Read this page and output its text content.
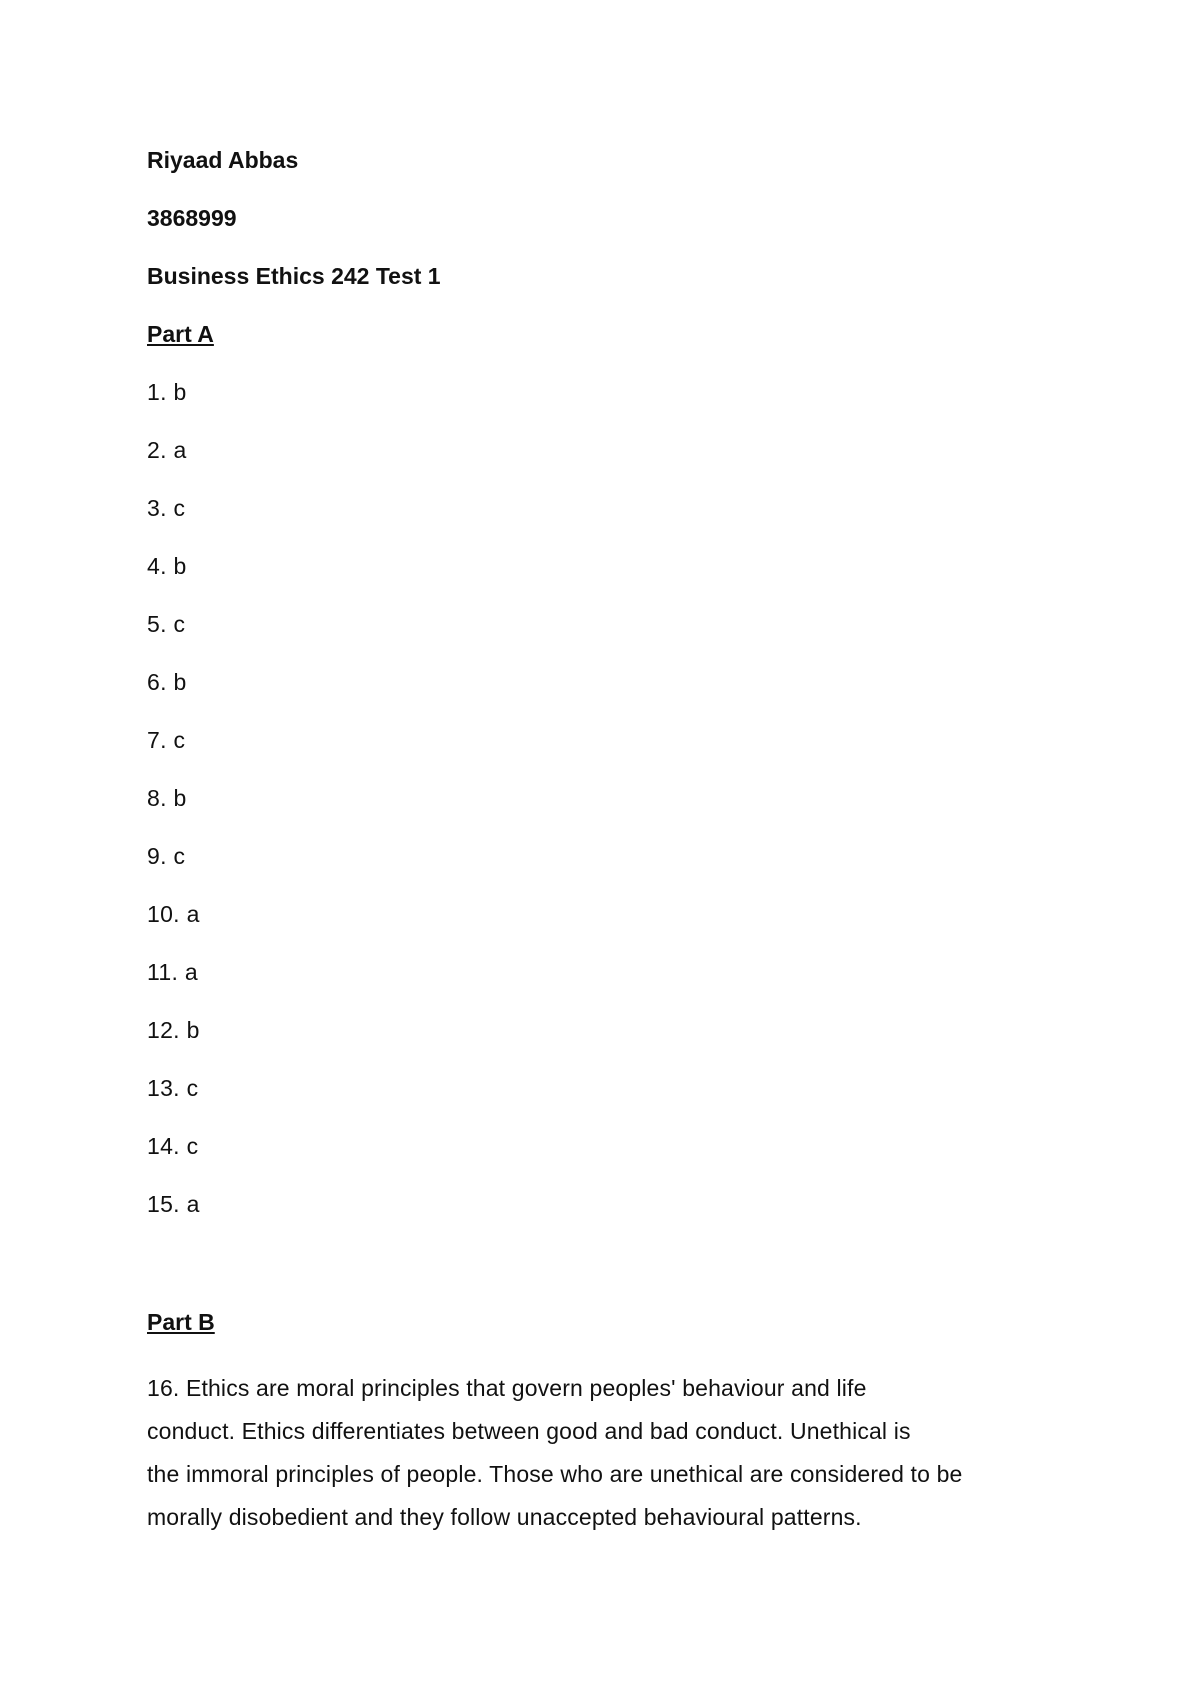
Riyaad Abbas

3868999

Business Ethics 242 Test 1

Part A

1. b
2. a
3. c
4. b
5. c
6. b
7. c
8. b
9. c
10. a
11. a
12. b
13. c
14. c
15. a

Part B

16. Ethics are moral principles that govern peoples' behaviour and life
conduct. Ethics differentiates between good and bad conduct. Unethical is
the immoral principles of people. Those who are unethical are considered to be
morally disobedient and they follow unaccepted behavioural patterns.
